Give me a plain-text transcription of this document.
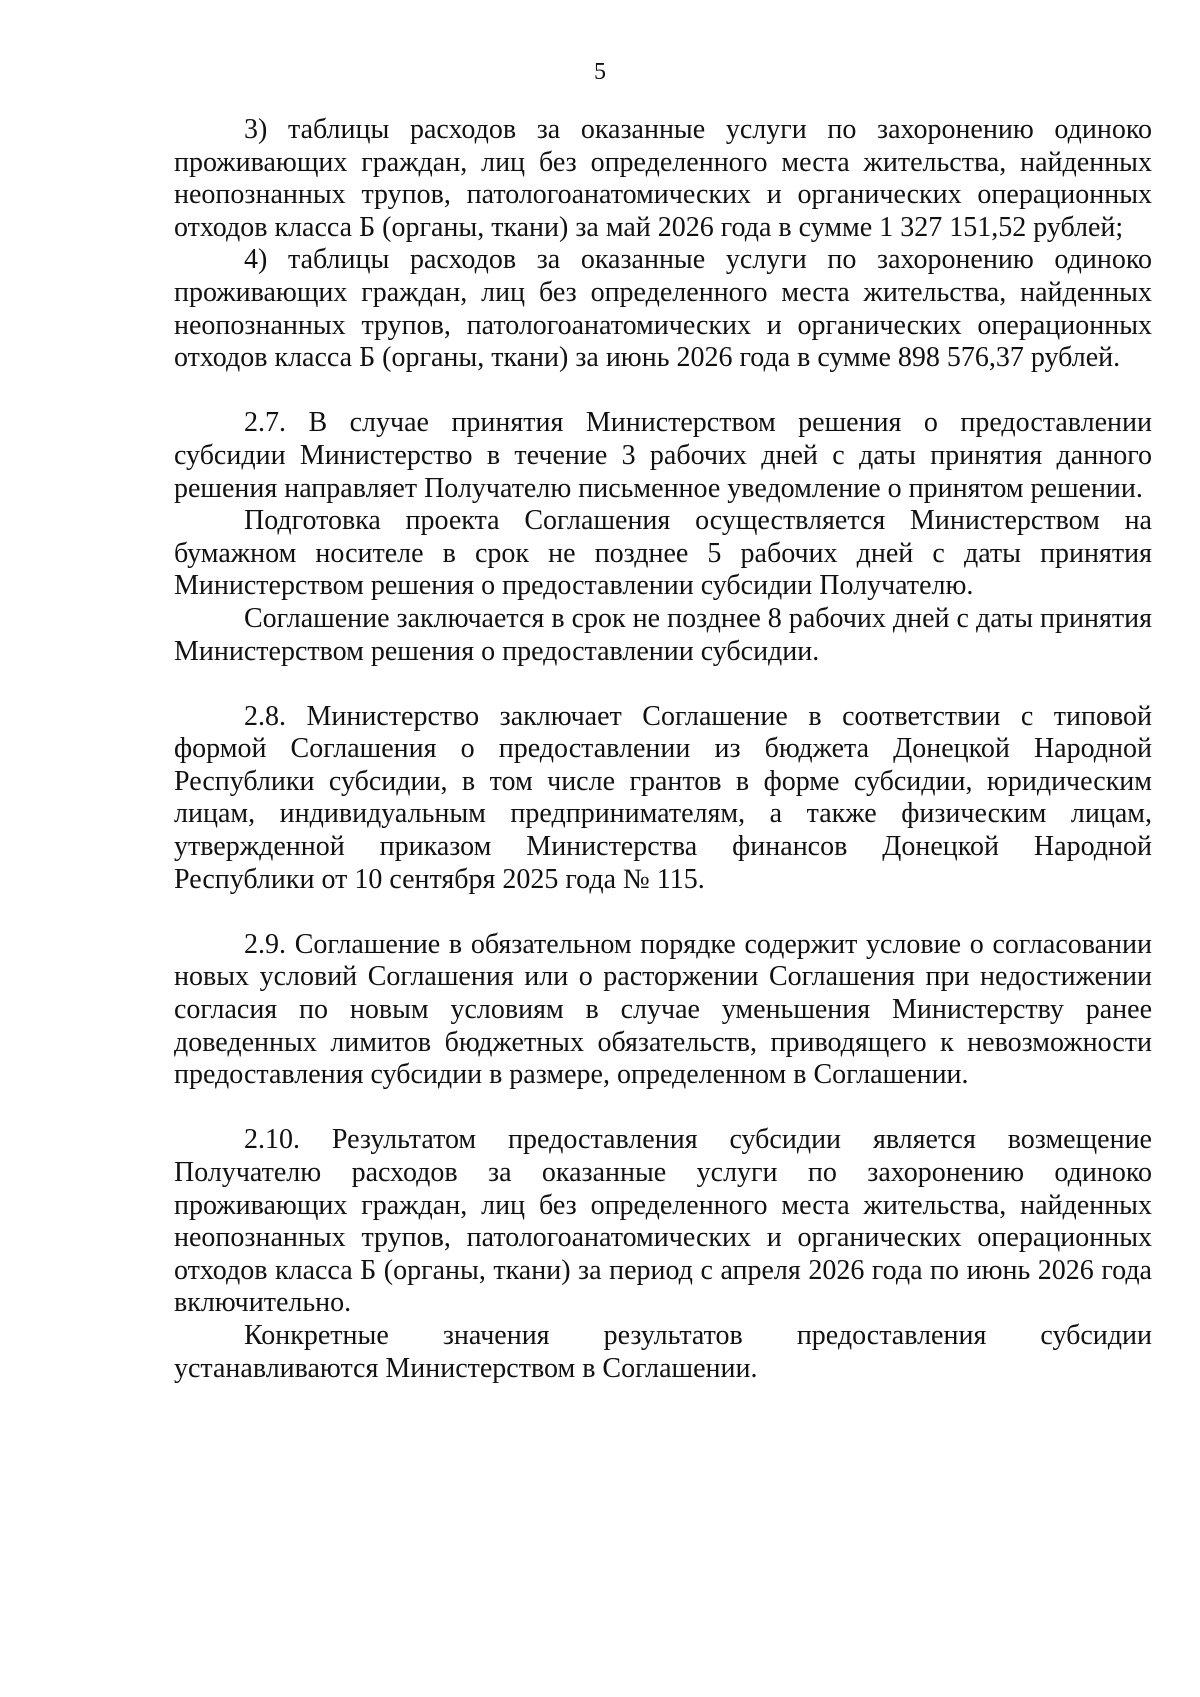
5

3) таблицы расходов за оказанные услуги по захоронению одиноко проживающих граждан, лиц без определенного места жительства, найденных неопознанных трупов, патологоанатомических и органических операционных отходов класса Б (органы, ткани) за май 2026 года в сумме 1 327 151,52 рублей;

4) таблицы расходов за оказанные услуги по захоронению одиноко проживающих граждан, лиц без определенного места жительства, найденных неопознанных трупов, патологоанатомических и органических операционных отходов класса Б (органы, ткани) за июнь 2026 года в сумме 898 576,37 рублей.

2.7. В случае принятия Министерством решения о предоставлении субсидии Министерство в течение 3 рабочих дней с даты принятия данного решения направляет Получателю письменное уведомление о принятом решении.

Подготовка проекта Соглашения осуществляется Министерством на бумажном носителе в срок не позднее 5 рабочих дней с даты принятия Министерством решения о предоставлении субсидии Получателю.

Соглашение заключается в срок не позднее 8 рабочих дней с даты принятия Министерством решения о предоставлении субсидии.

2.8. Министерство заключает Соглашение в соответствии с типовой формой Соглашения о предоставлении из бюджета Донецкой Народной Республики субсидии, в том числе грантов в форме субсидии, юридическим лицам, индивидуальным предпринимателям, а также физическим лицам, утвержденной приказом Министерства финансов Донецкой Народной Республики от 10 сентября 2025 года № 115.

2.9. Соглашение в обязательном порядке содержит условие о согласовании новых условий Соглашения или о расторжении Соглашения при недостижении согласия по новым условиям в случае уменьшения Министерству ранее доведенных лимитов бюджетных обязательств, приводящего к невозможности предоставления субсидии в размере, определенном в Соглашении.

2.10. Результатом предоставления субсидии является возмещение Получателю расходов за оказанные услуги по захоронению одиноко проживающих граждан, лиц без определенного места жительства, найденных неопознанных трупов, патологоанатомических и органических операционных отходов класса Б (органы, ткани) за период с апреля 2026 года по июнь 2026 года включительно.

Конкретные значения результатов предоставления субсидии устанавливаются Министерством в Соглашении.
